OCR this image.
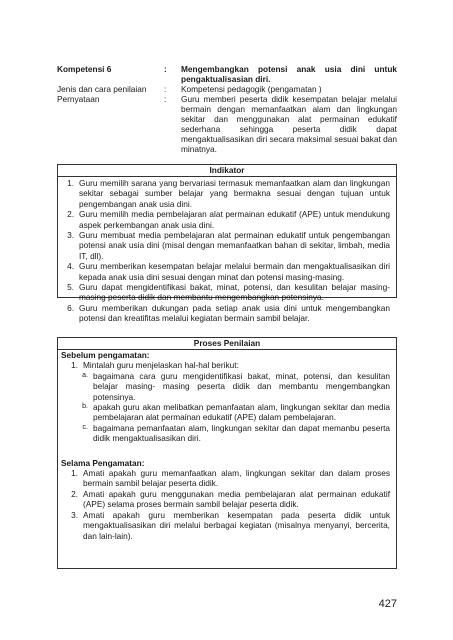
Kompetensi 6	:	Mengembangkan potensi anak usia dini untuk pengaktualisasian diri.
Jenis dan cara penilaian	:	Kompetensi pedagogik (pengamatan )
Pernyataan	:	Guru memberi peserta didik kesempatan belajar melalui bermain dengan memanfaatkan alam dan lingkungan sekitar dan menggunakan alat permainan edukatif sederhana sehingga peserta didik dapat mengaktualisasikan diri secara maksimal sesuai bakat dan minatnya.
Indikator
1. Guru memilih sarana yang bervariasi termasuk memanfaatkan alam dan lingkungan sekitar sebagai sumber belajar yang bermakna sesuai dengan tujuan untuk pengembangan anak usia dini.
2. Guru memilih media pembelajaran alat permainan edukatif (APE) untuk mendukung aspek perkembangan anak usia dini.
3. Guru membuat media pembelajaran alat permainan edukatif untuk pengembangan potensi anak usia dini (misal dengan memanfaatkan bahan di sekitar, limbah, media IT, dll).
4. Guru memberikan kesempatan belajar melalui bermain dan mengaktualisasikan diri kepada anak usia dini sesuai dengan minat dan potensi masing-masing.
5. Guru dapat mengidentifikasi bakat, minat, potensi, dan kesulitan belajar masing- masing peserta didik dan membantu mengembangkan potensinya.
6. Guru memberikan dukungan pada setiap anak usia dini untuk mengembangkan potensi dan kreatifitas melalui kegiatan bermain sambil belajar.
Proses Penilaian
Sebelum pengamatan:
1. Mintalah guru menjelaskan hal-hal berikut:
a. bagaimana cara guru mengidentifikasi bakat, minat, potensi, dan kesulitan belajar masing- masing peserta didik dan membantu mengembangkan potensinya.
b. apakah guru akan melibatkan pemanfaatan alam, lingkungan sekitar dan media pembelajaran alat permainan edukatif (APE) dalam pembelajaran.
c. bagaimana pemanfaatan alam, lingkungan sekitar dan dapat memanbu peserta didik mengaktualisasikan diri.
Selama Pengamatan:
1. Amati apakah guru memanfaatkan alam, lingkungan sekitar dan dalam proses bermain sambil belajar peserta didik.
2. Amati apakah guru menggunakan media pembelajaran alat permainan edukatif (APE) selama proses bermain sambil belajar peserta didik.
3. Amati apakah guru memberikan kesempatan pada peserta didik untuk mengaktualisasikan diri melalui berbagai kegiatan (misalnya menyanyi, bercerita, dan lain-lain).
427
